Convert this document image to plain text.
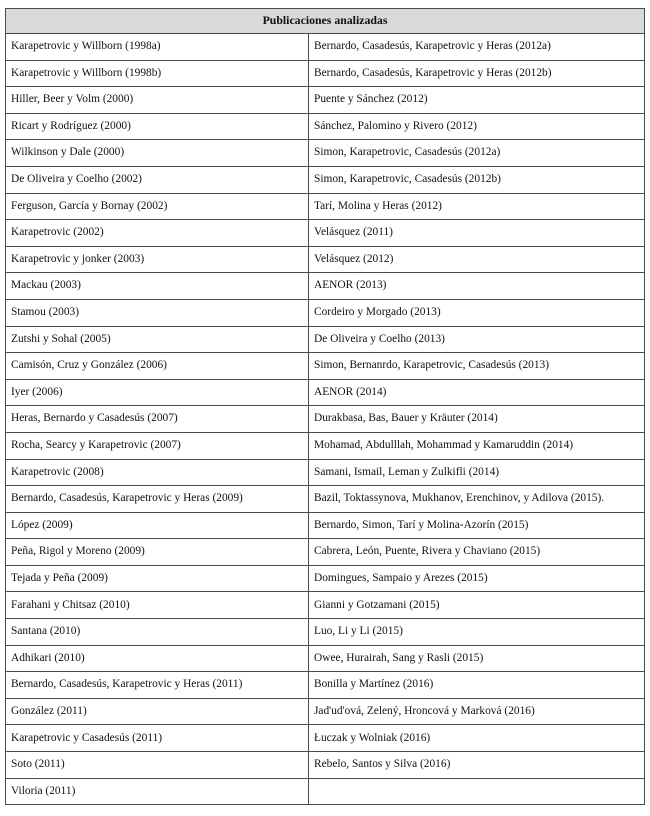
Publicaciones analizadas	
Karapetrovic y Willborn (1998a)	Bernardo, Casadesús, Karapetrovic y Heras (2012a)
Karapetrovic y Willborn (1998b)	Bernardo, Casadesús, Karapetrovic y Heras (2012b)
Hiller, Beer y Volm (2000)	Puente y Sánchez (2012)
Ricart y Rodríguez (2000)	Sánchez, Palomino y Rivero (2012)
Wilkinson y Dale (2000)	Simon, Karapetrovic, Casadesús (2012a)
De Oliveira y Coelho (2002)	Simon, Karapetrovic, Casadesús (2012b)
Ferguson, García y Bornay (2002)	Tarí, Molina y Heras (2012)
Karapetrovic (2002)	Velásquez (2011)
Karapetrovic y jonker (2003)	Velásquez (2012)
Mackau (2003)	AENOR (2013)
Stamou (2003)	Cordeiro y Morgado (2013)
Zutshi y Sohal (2005)	De Oliveira y Coelho (2013)
Camisón, Cruz y González (2006)	Simon, Bernanrdo, Karapetrovic, Casadesús (2013)
Iyer (2006)	AENOR (2014)
Heras, Bernardo y Casadesús (2007)	Durakbasa, Bas, Bauer y Kräuter (2014)
Rocha, Searcy y Karapetrovic (2007)	Mohamad, Abdulllah, Mohammad y Kamaruddin (2014)
Karapetrovic (2008)	Samani, Ismail, Leman y Zulkifli (2014)
Bernardo, Casadesús, Karapetrovic y Heras (2009)	Bazil, Toktassynova, Mukhanov, Erenchinov, y Adilova (2015).
López (2009)	Bernardo, Simon, Tarí y Molina-Azorín (2015)
Peña, Rigol y Moreno (2009)	Cabrera, León, Puente, Rivera y Chaviano (2015)
Tejada y Peña (2009)	Domingues, Sampaio y Arezes (2015)
Farahani y Chitsaz (2010)	Gianni y Gotzamani (2015)
Santana (2010)	Luo, Li y Li (2015)
Adhikari (2010)	Owee, Hurairah, Sang y Rasli (2015)
Bernardo, Casadesús, Karapetrovic y Heras (2011)	Bonilla y Martínez (2016)
González (2011)	Jad'ud'ová, Zelený, Hroncová y Marková (2016)
Karapetrovic y Casadesús (2011)	Łuczak y Wolniak (2016)
Soto (2011)	Rebelo, Santos y Silva (2016)
Viloria (2011)	
